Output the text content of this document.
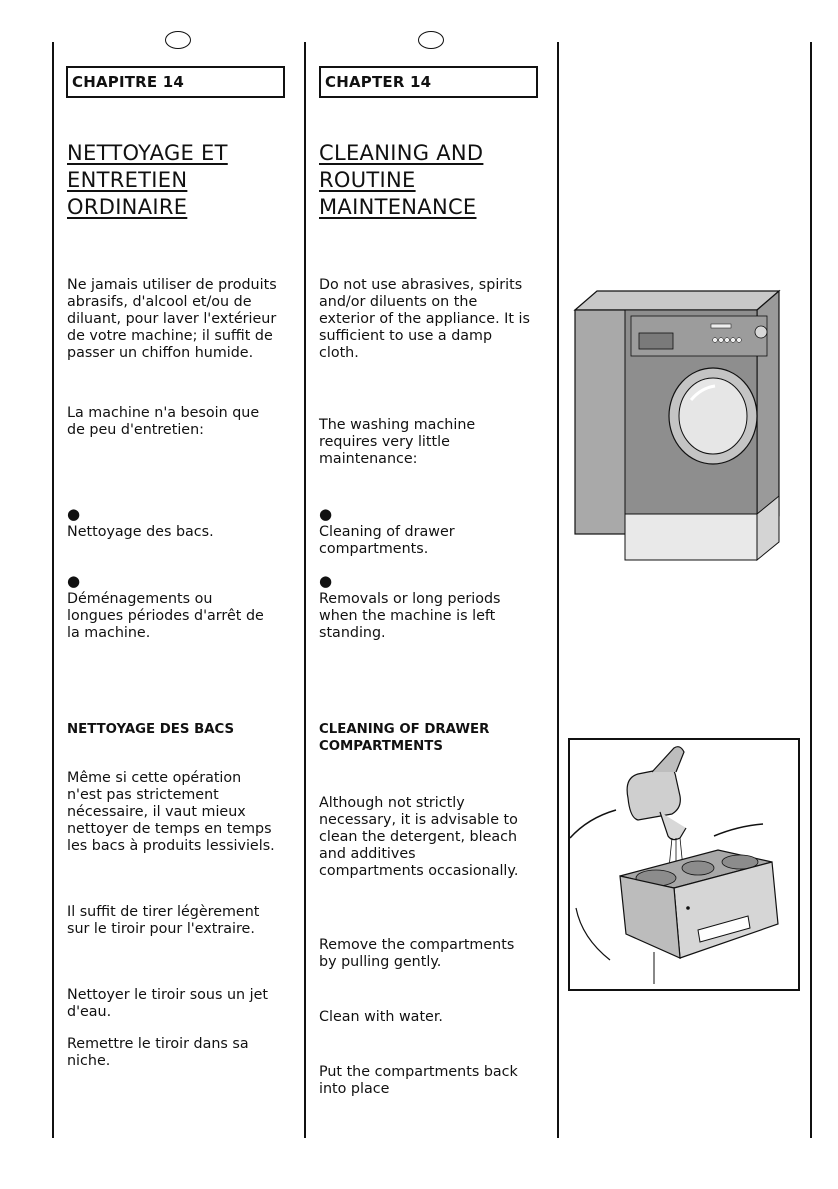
CHAPITRE 14
NETTOYAGE ET
ENTRETIEN
ORDINAIRE
Ne jamais utiliser de produits
abrasifs, d'alcool et/ou de
diluant, pour laver l'extérieur
de votre machine; il suffit de
passer un chiffon humide.
La machine n'a besoin que
de peu d'entretien:

●
Nettoyage des bacs.

●
Déménagements ou
longues périodes d'arrêt de
la machine.

NETTOYAGE DES BACS
Même si cette opération
n'est pas strictement
nécessaire, il vaut mieux
nettoyer de temps en temps
les bacs à produits lessiviels.
Il suffit de tirer légèrement
sur le tiroir pour l'extraire.
Nettoyer le tiroir sous un jet
d'eau.
Remettre le tiroir dans sa
niche.
CHAPTER 14
CLEANING AND
ROUTINE
MAINTENANCE
Do not use abrasives, spirits
and/or diluents on the
exterior of the appliance. It is
sufficient to use a damp
cloth.
The washing machine
requires very little
maintenance:

●
Cleaning of drawer
compartments.

●
Removals or long periods
when the machine is left
standing.

CLEANING OF DRAWER
COMPARTMENTS
Although not strictly
necessary, it is advisable to
clean the detergent, bleach
and additives
compartments occasionally.
Remove the compartments
by pulling gently.
Clean with water.
Put the compartments back
into place
